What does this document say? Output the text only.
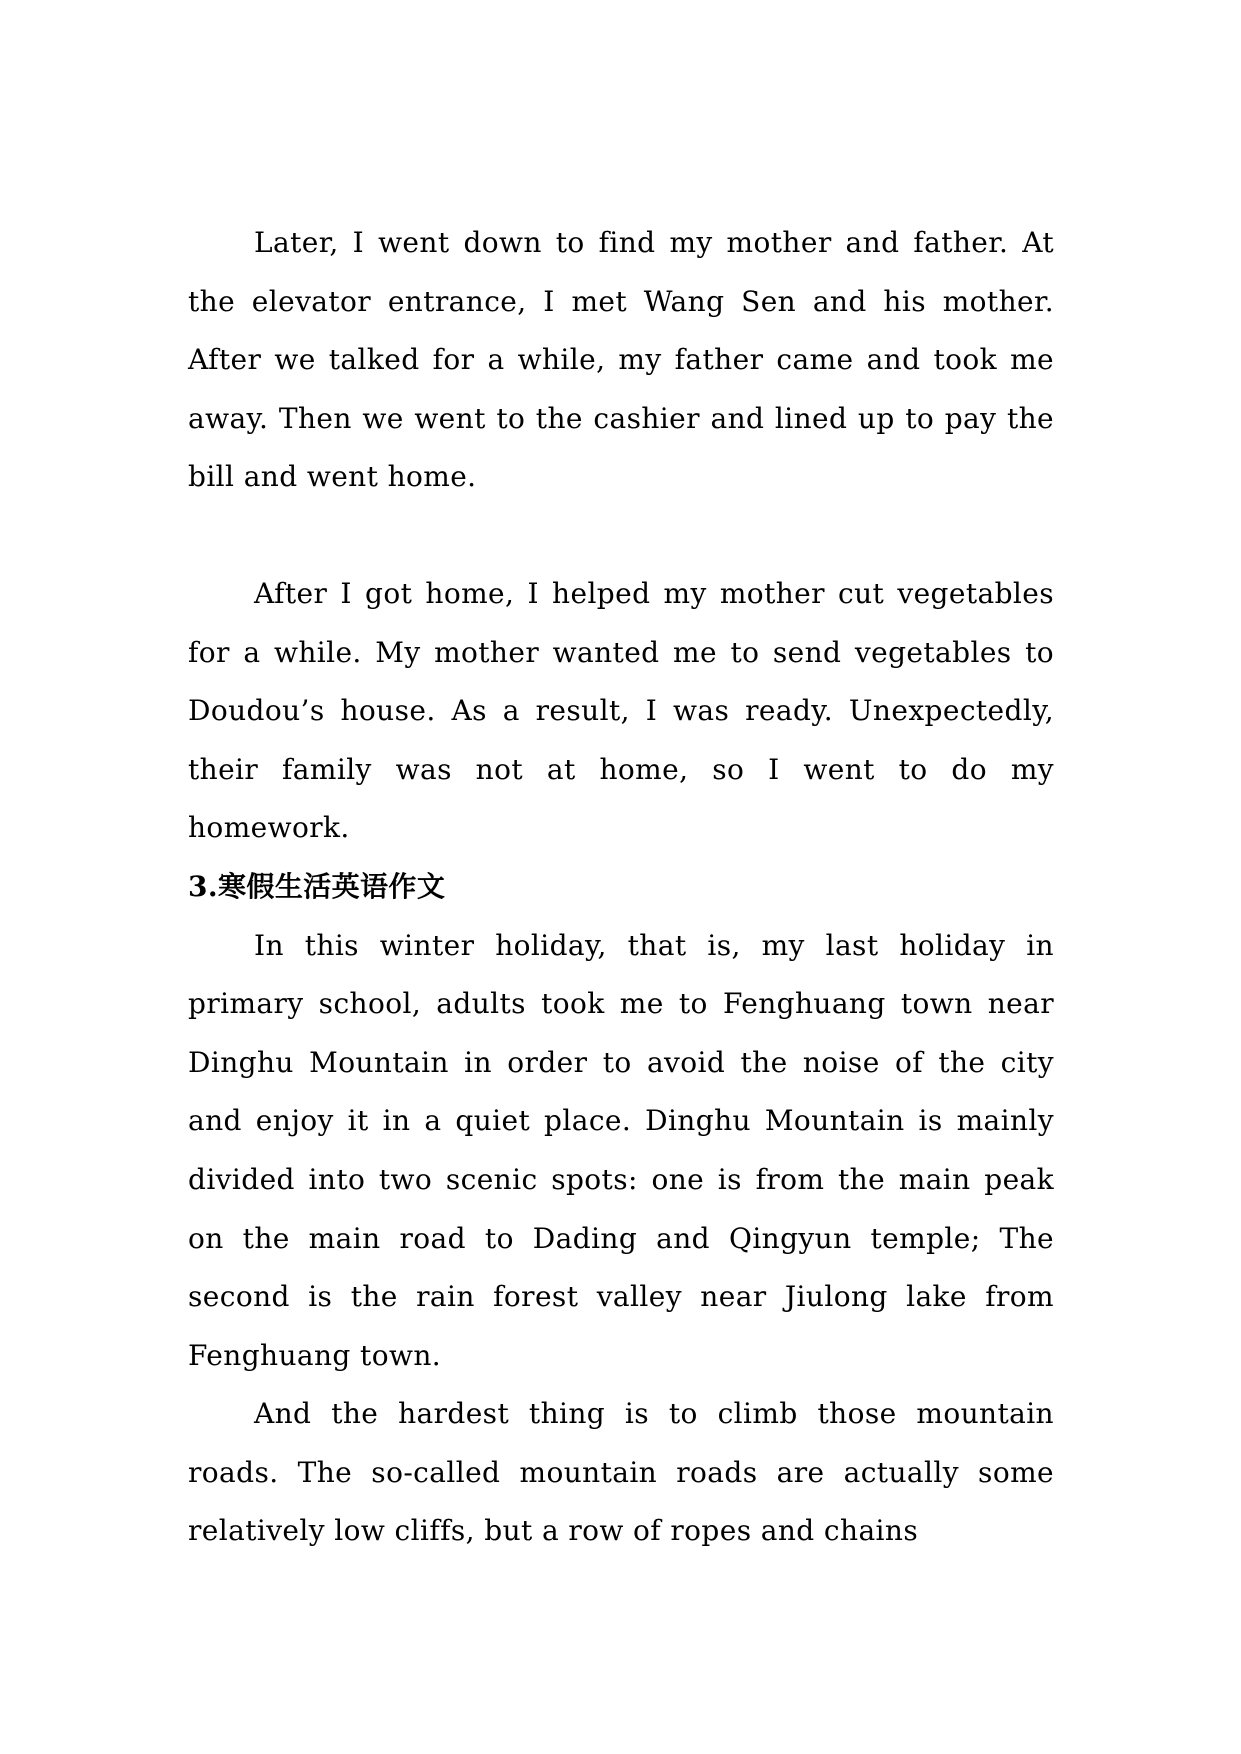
Later, I went down to find my mother and father. At the elevator entrance, I met Wang Sen and his mother. After we talked for a while, my father came and took me away. Then we went to the cashier and lined up to pay the bill and went home.

After I got home, I helped my mother cut vegetables for a while. My mother wanted me to send vegetables to Doudou’s house. As a result, I was ready. Unexpectedly, their family was not at home, so I went to do my homework.

3.寒假生活英语作文

In this winter holiday, that is, my last holiday in primary school, adults took me to Fenghuang town near Dinghu Mountain in order to avoid the noise of the city and enjoy it in a quiet place. Dinghu Mountain is mainly divided into two scenic spots: one is from the main peak on the main road to Dading and Qingyun temple; The second is the rain forest valley near Jiulong lake from Fenghuang town.

And the hardest thing is to climb those mountain roads. The so-called mountain roads are actually some relatively low cliffs, but a row of ropes and chains
